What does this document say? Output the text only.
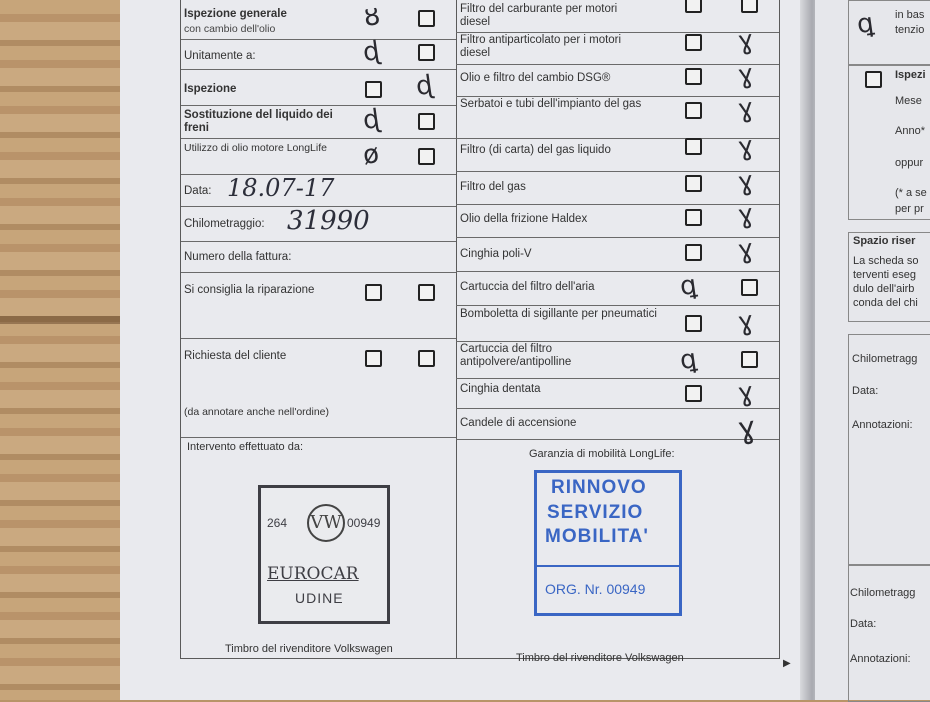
Ispezione generale
con cambio dell'olio	ȣ
Unitamente a:	ɖ
Ispezione	ɖ
Sostituzione del liquido dei freni	ɖ
Utilizzo di olio motore LongLife	ø
Data: 18.07-17
Chilometraggio: 31990
Numero della fattura:
Si consiglia la riparazione
Richiesta del cliente
(da annotare anche nell'ordine)
Intervento effettuato da:
264 VW 00949
EUROCAR
UDINE
Timbro del rivenditore Volkswagen
Filtro del carburante per motori diesel
Filtro antiparticolato per i motori diesel	ɣ
Olio e filtro del cambio DSG®	ɣ
Serbatoi e tubi dell'impianto del gas	ɣ
Filtro (di carta) del gas liquido	ɣ
Filtro del gas	ɣ
Olio della frizione Haldex	ɣ
Cinghia poli-V	ɣ
Cartuccia del filtro dell'aria	ꝗ
Bomboletta di sigillante per pneumatici	ɣ
Cartuccia del filtro antipolvere/antipolline	ꝗ
Cinghia dentata	ɣ
Candele di accensione	ɣ
Garanzia di mobilità LongLife:
RINNOVO
SERVIZIO
MOBILITA'
ORG. Nr. 00949
Timbro del rivenditore Volkswagen	▶
ꝗ in bas
tenzio
Ispezi
Mese
Anno*
oppur
(* a se
per pr
Spazio riser
La scheda so
terventi eseg
dulo dell'airb
conda del chi
Chilometragg
Data:
Annotazioni:
Chilometragg
Data:
Annotazioni:
